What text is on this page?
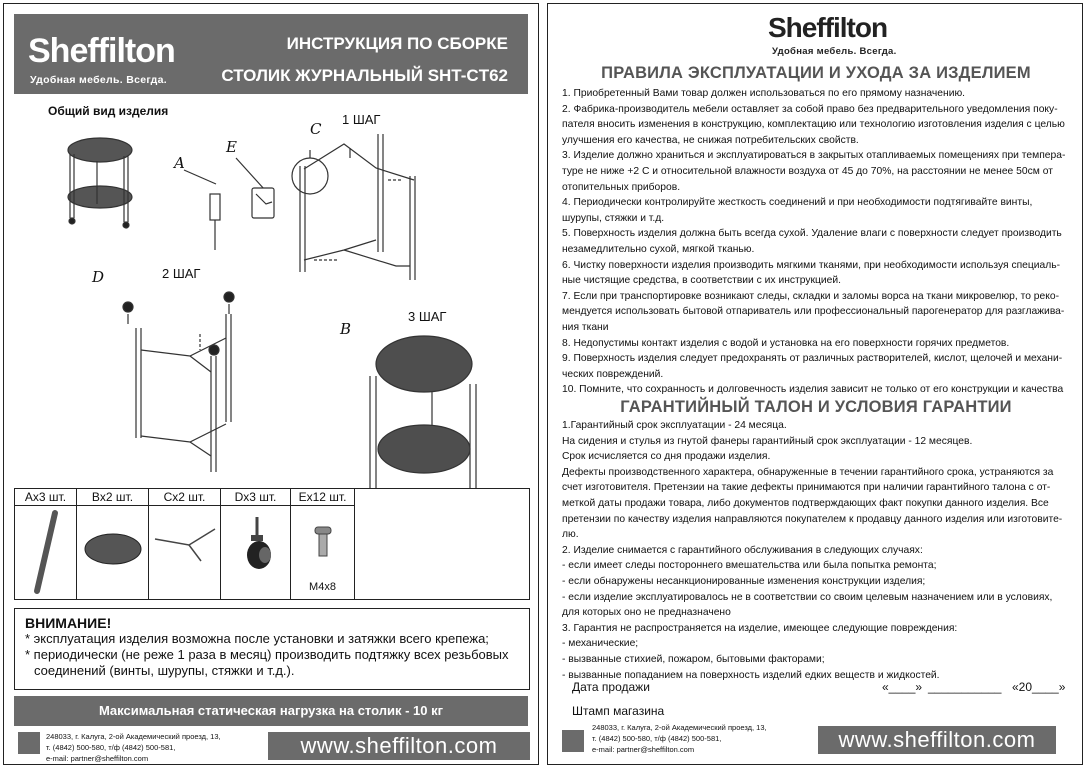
Sheffilton
Удобная мебель. Всегда.
ИНСТРУКЦИЯ ПО СБОРКЕ
СТОЛИК ЖУРНАЛЬНЫЙ SHT-CT62
Общий вид изделия
1 ШАГ
2 ШАГ
3 ШАГ
A
E
C
D
B
Ax3 шт.	Bx2 шт.	Cx2 шт.	Dx3 шт.	Ex12 шт.
M4x8
ВНИМАНИЕ!
* эксплуатация изделия возможна после установки и затяжки всего крепежа;
* периодически (не реже 1 раза в месяц) производить подтяжку всех резьбовых
соединений (винты, шурупы, стяжки и т.д.).
Максимальная статическая нагрузка на столик - 10 кг
248033, г. Калуга, 2-ой Академический проезд, 13,
т. (4842) 500-580, т/ф (4842) 500-581,
e-mail: partner@sheffilton.com
www.sheffilton.com
Sheffilton
Удобная мебель. Всегда.
ПРАВИЛА ЭКСПЛУАТАЦИИ И УХОДА ЗА ИЗДЕЛИЕМ

1. Приобретенный Вами товар должен использоваться по его прямому назначению.

2. Фабрика-производитель мебели оставляет за собой право без предварительного уведомления поку-

пателя вносить изменения в конструкцию, комплектацию или технологию изготовления изделия с целью

улучшения его качества, не снижая потребительских свойств.

3. Изделие должно храниться и эксплуатироваться в закрытых отапливаемых помещениях при темпера-

туре не ниже +2 С и относительной влажности воздуха от 45 до 70%, на расстоянии не менее 50см от

отопительных приборов.

4. Периодически контролируйте жесткость соединений и при необходимости подтягивайте винты,

шурупы, стяжки и т.д.

5. Поверхность изделия должна быть всегда сухой. Удаление влаги с поверхности следует производить

незамедлительно сухой, мягкой тканью.

6. Чистку поверхности изделия производить мягкими тканями, при необходимости используя специаль-

ные чистящие средства, в соответствии с их инструкцией.

7. Если при транспортировке возникают следы, складки и заломы ворса на ткани микровелюр, то реко-

мендуется использовать бытовой отпариватель или профессиональный парогенератор для разглажива-

ния ткани

8. Недопустимы контакт изделия с водой и установка на его поверхности горячих предметов.

9. Поверхность изделия следует предохранять от различных растворителей, кислот, щелочей и механи-

ческих повреждений.

10. Помните, что сохранность и долговечность изделия зависит не только от его конструкции и качества

ГАРАНТИЙНЫЙ ТАЛОН И УСЛОВИЯ ГАРАНТИИ

1.Гарантийный срок эксплуатации - 24 месяца.

На сидения и стулья из гнутой фанеры гарантийный срок эксплуатации - 12 месяцев.

Срок исчисляется со дня продажи изделия.

Дефекты производственного характера, обнаруженные в течении гарантийного срока, устраняются за

счет изготовителя. Претензии на такие дефекты принимаются при наличии гарантийного талона с от-

меткой даты продажи товара, либо документов подтверждающих факт покупки данного изделия. Все

претензии по качеству изделия направляются покупателем к продавцу данного изделия или изготовите-

лю.

2. Изделие снимается с гарантийного обслуживания в следующих случаях:

- если имеет следы постороннего вмешательства или была попытка ремонта;

- если обнаружены несанкционированные изменения конструкции изделия;

- если изделие эксплуатировалось не в соответствии со своим целевым назначением или в условиях,

для которых оно не предназначено

3. Гарантия не распространяется на изделие, имеющее следующие повреждения:

- механические;

- вызванные стихией, пожаром, бытовыми факторами;

- вызванные попаданием на поверхность изделий едких веществ и жидкостей.

Дата продажи	«____» ___________ «20____»
Штамп магазина
248033, г. Калуга, 2-ой Академический проезд, 13,
т. (4842) 500-580, т/ф (4842) 500-581,
e-mail: partner@sheffilton.com	www.sheffilton.com
